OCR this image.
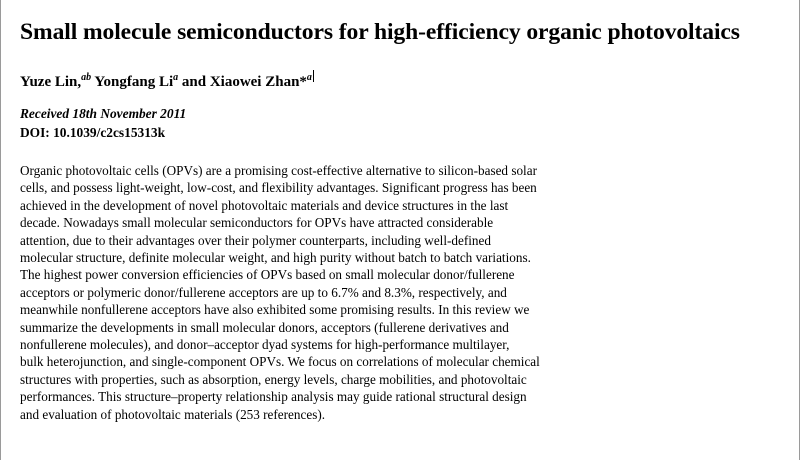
Small molecule semiconductors for high-efficiency organic photovoltaics
Yuze Lin,$^{ab}$ Yongfang Li$^a$ and Xiaowei Zhan*$^a$
Received 18th November 2011
DOI: 10.1039/c2cs15313k

Organic photovoltaic cells (OPVs) are a promising cost-effective alternative to silicon-based solar
cells, and possess light-weight, low-cost, and flexibility advantages. Significant progress has been
achieved in the development of novel photovoltaic materials and device structures in the last
decade. Nowadays small molecular semiconductors for OPVs have attracted considerable
attention, due to their advantages over their polymer counterparts, including well-defined
molecular structure, definite molecular weight, and high purity without batch to batch variations.
The highest power conversion efficiencies of OPVs based on small molecular donor/fullerene
acceptors or polymeric donor/fullerene acceptors are up to 6.7% and 8.3%, respectively, and
meanwhile nonfullerene acceptors have also exhibited some promising results. In this review we
summarize the developments in small molecular donors, acceptors (fullerene derivatives and
nonfullerene molecules), and donor–acceptor dyad systems for high-performance multilayer,
bulk heterojunction, and single-component OPVs. We focus on correlations of molecular chemical
structures with properties, such as absorption, energy levels, charge mobilities, and photovoltaic
performances. This structure–property relationship analysis may guide rational structural design
and evaluation of photovoltaic materials (253 references).
